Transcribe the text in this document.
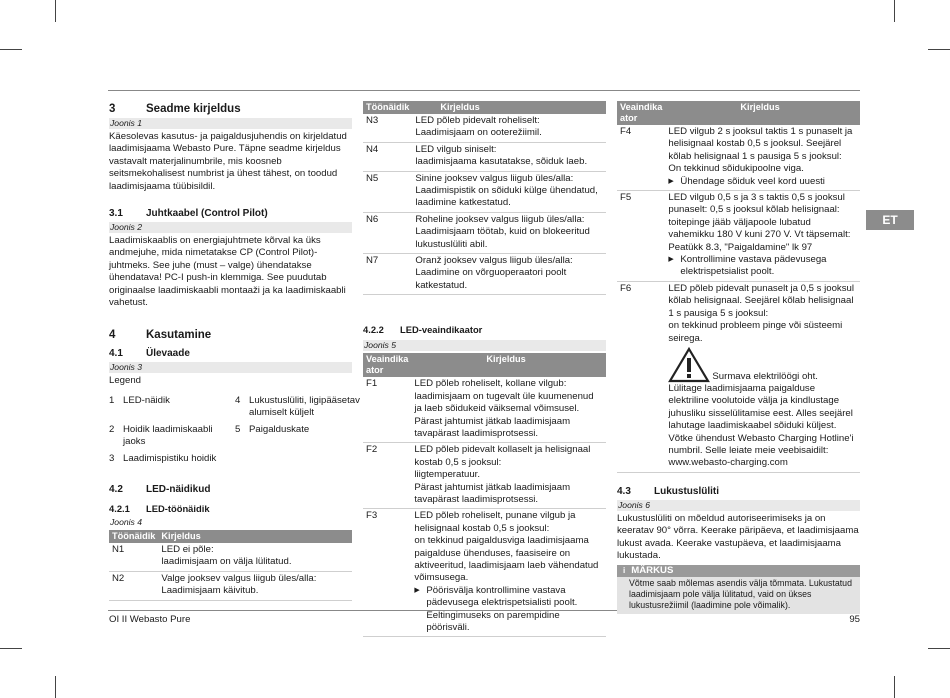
ET
3	Seadme kirjeldus
Joonis 1

Käesolevas kasutus- ja paigaldusjuhendis on kirjeldatud laadimisjaama Webasto Pure. Täpne seadme kirjeldus vastavalt materjalinumbrile, mis koosneb seitsmekohalisest numbrist ja ühest tähest, on toodud laadimisjaama tüübisildil.

3.1 Juhtkaabel (Control Pilot)
Joonis 2

Laadimiskaablis on energiajuhtmete kõrval ka üks andmejuhe, mida nimetatakse CP (Control Pilot)-juhtmeks. See juhe (must – valge) ühendatakse ühendatava! PC-I push-in klemmiga. See puudutab originaalse laadimiskaabli montaaži ja ka laadimiskaabli vahetust.

4	Kasutamine
4.1 Ülevaade
Joonis 3

Legend

1 LED-näidik	4 Lukustuslüliti, ligipääsetav alumiselt küljelt
2 Hoidik laadimiskaabli jaoks
5 Paigalduskate
3 Laadimispistiku hoidik
4.2 LED-näidikud
4.2.1 LED-töönäidik
Joonis 4
Töönäidik	Kirjeldus
N1	LED ei põle:
laadimisjaam on välja lülitatud.

N2	Valge jooksev valgus liigub üles/alla:
Laadimisjaam käivitub.
Töönäidik	Kirjeldus
N3	LED põleb pidevalt roheliselt:
Laadimisjaam on ooterežiimil.

N4	LED vilgub siniselt:
laadimisjaama kasutatakse, sõiduk laeb.

N5	Sinine jooksev valgus liigub üles/alla:
Laadimispistik on sõiduki külge ühendatud, laadimine katkestatud.

N6	Roheline jooksev valgus liigub üles/alla:
Laadimisjaam töötab, kuid on blokeeritud lukustuslüliti abil.

N7	Oranž jooksev valgus liigub üles/alla:
Laadimine on võrguoperaatori poolt katkestatud.
4.2.2 LED-veaindikaator
Joonis 5
Veaindika
ator	Kirjeldus
F1	LED põleb roheliselt, kollane vilgub:
laadimisjaam on tugevalt üle kuumenenud ja laeb sõidukeid väiksemal võimsusel. Pärast jahtumist jätkab laadimisjaam tavapärast laadimisprotsessi.

F2	LED põleb pidevalt kollaselt ja helisignaal kostab 0,5 s jooksul:
liigtemperatuur.
Pärast jahtumist jätkab laadimisjaam tavapärast laadimisprotsessi.

F3	LED põleb roheliselt, punane vilgub ja helisignaal kostab 0,5 s jooksul:
on tekkinud paigaldusviga laadimisjaama paigalduse ühenduses, faasiseire on aktiveeritud, laadimisjaam laeb vähendatud võimsusega.
▶ Pöörisvälja kontrollimine vastava pädevusega elektrispetsialisti poolt. Eeltingimuseks on parempidine pöörisväli.
Veaindika
ator	Kirjeldus
F4	LED vilgub 2 s jooksul taktis 1 s punaselt ja helisignaal kostab 0,5 s jooksul. Seejärel kõlab helisignaal 1 s pausiga 5 s jooksul:
On tekkinud sõidukipoolne viga.
▶ Ühendage sõiduk veel kord uuesti

F5	LED vilgub 0,5 s ja 3 s taktis 0,5 s jooksul punaselt: 0,5 s jooksul kõlab helisignaal: toitepinge jääb väljapoole lubatud vahemikku 180 V kuni 270 V. Vt täpsemalt: Peatükk 8.3, "Paigaldamine" lk 97
▶ Kontrollimine vastava pädevusega elektrispetsialist poolt.

F6	LED põleb pidevalt punaselt ja 0,5 s jooksul kõlab helisignaal. Seejärel kõlab helisignaal 1 s pausiga 5 s jooksul:
on tekkinud probleem pinge või süsteemi seirega.
Surmava elektrilöögi oht.
Lülitage laadimisjaama paigalduse elektriline voolutoide välja ja kindlustage juhusliku sisselülitamise eest. Alles seejärel lahutage laadimiskaabel sõiduki küljest.
Võtke ühendust Webasto Charging Hotline'i numbril. Selle leiate meie veebisaidilt: www.webasto-charging.com
4.3 Lukustuslüliti
Joonis 6

Lukustuslüliti on mõeldud autoriseerimiseks ja on keeratav 90° võrra. Keerake päripäeva, et laadimisjaama lukust avada. Keerake vastupäeva, et laadimisjaama lukustada.

i MÄRKUS
Võtme saab mõlemas asendis välja tõmmata. Lukustatud laadimisjaam pole välja lülitatud, vaid on ükses lukustusrežiimil (laadimine pole võimalik).
OI II Webasto Pure	95
